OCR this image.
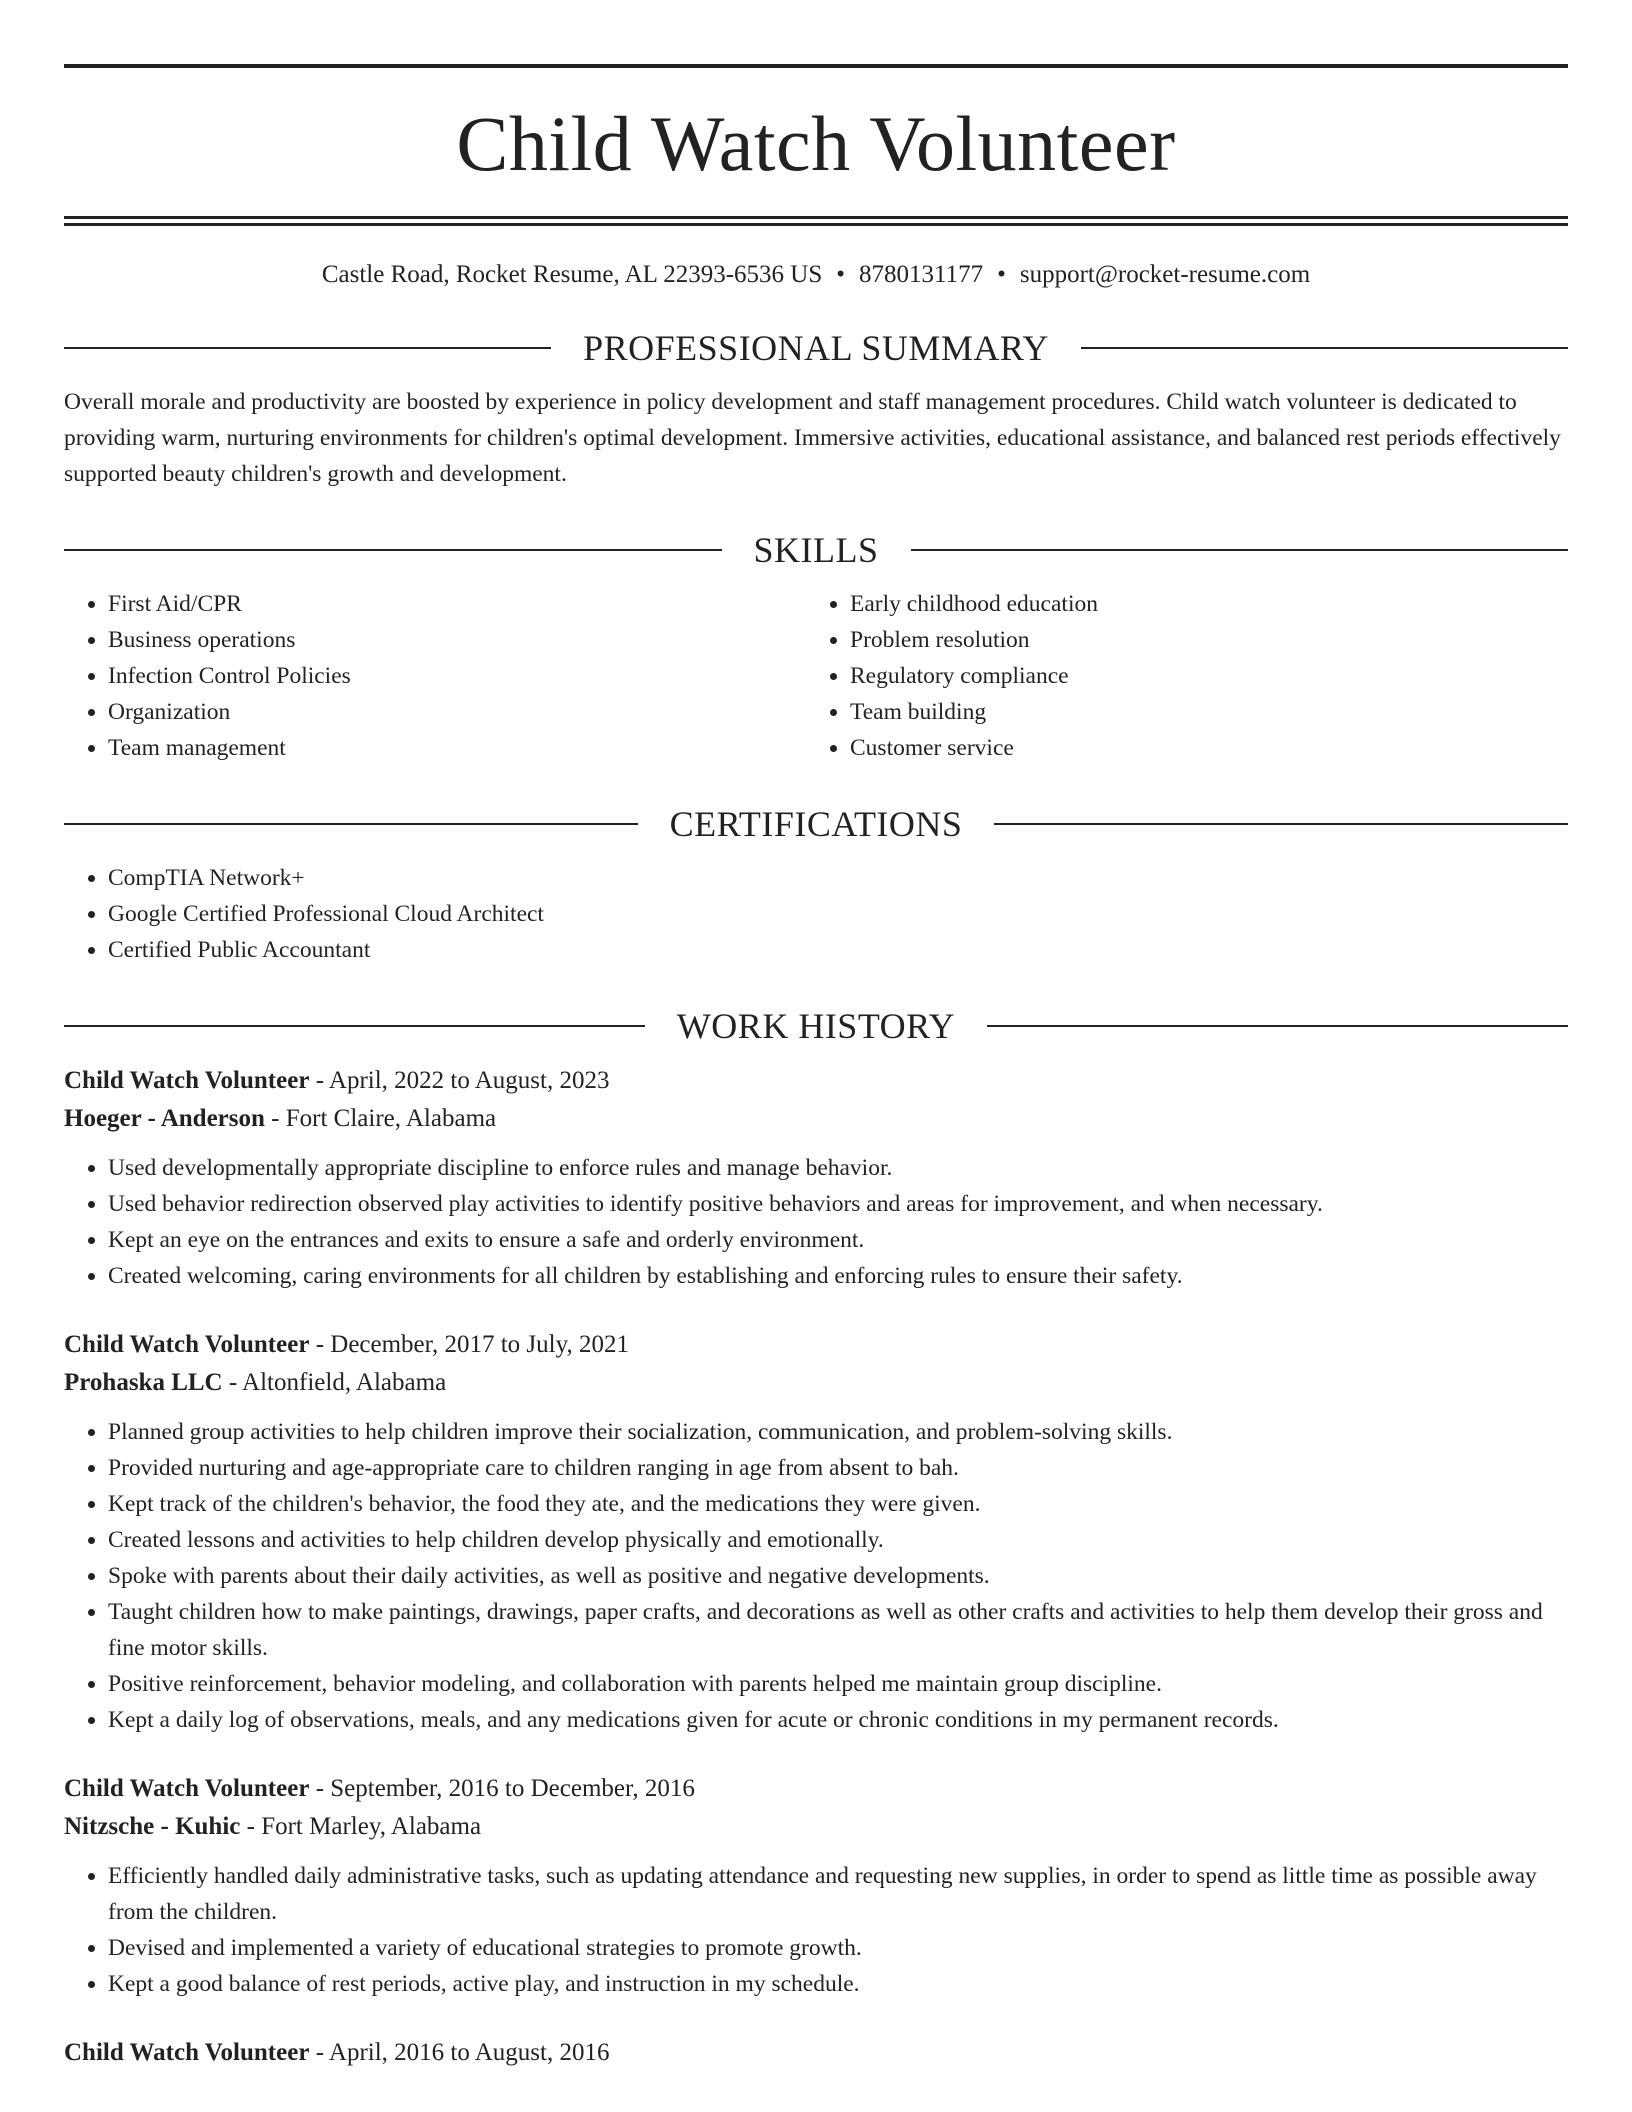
Child Watch Volunteer
Castle Road, Rocket Resume, AL 22393-6536 US • 8780131177 • support@rocket-resume.com
PROFESSIONAL SUMMARY
Overall morale and productivity are boosted by experience in policy development and staff management procedures. Child watch volunteer is dedicated to providing warm, nurturing environments for children's optimal development. Immersive activities, educational assistance, and balanced rest periods effectively supported beauty children's growth and development.
SKILLS
• First Aid/CPR
• Business operations
• Infection Control Policies
• Organization
• Team management
• Early childhood education
• Problem resolution
• Regulatory compliance
• Team building
• Customer service
CERTIFICATIONS
• CompTIA Network+
• Google Certified Professional Cloud Architect
• Certified Public Accountant
WORK HISTORY
Child Watch Volunteer - April, 2022 to August, 2023
Hoeger - Anderson - Fort Claire, Alabama
• Used developmentally appropriate discipline to enforce rules and manage behavior.
• Used behavior redirection observed play activities to identify positive behaviors and areas for improvement, and when necessary.
• Kept an eye on the entrances and exits to ensure a safe and orderly environment.
• Created welcoming, caring environments for all children by establishing and enforcing rules to ensure their safety.
Child Watch Volunteer - December, 2017 to July, 2021
Prohaska LLC - Altonfield, Alabama
• Planned group activities to help children improve their socialization, communication, and problem-solving skills.
• Provided nurturing and age-appropriate care to children ranging in age from absent to bah.
• Kept track of the children's behavior, the food they ate, and the medications they were given.
• Created lessons and activities to help children develop physically and emotionally.
• Spoke with parents about their daily activities, as well as positive and negative developments.
• Taught children how to make paintings, drawings, paper crafts, and decorations as well as other crafts and activities to help them develop their gross and fine motor skills.
• Positive reinforcement, behavior modeling, and collaboration with parents helped me maintain group discipline.
• Kept a daily log of observations, meals, and any medications given for acute or chronic conditions in my permanent records.
Child Watch Volunteer - September, 2016 to December, 2016
Nitzsche - Kuhic - Fort Marley, Alabama
• Efficiently handled daily administrative tasks, such as updating attendance and requesting new supplies, in order to spend as little time as possible away from the children.
• Devised and implemented a variety of educational strategies to promote growth.
• Kept a good balance of rest periods, active play, and instruction in my schedule.
Child Watch Volunteer - April, 2016 to August, 2016
